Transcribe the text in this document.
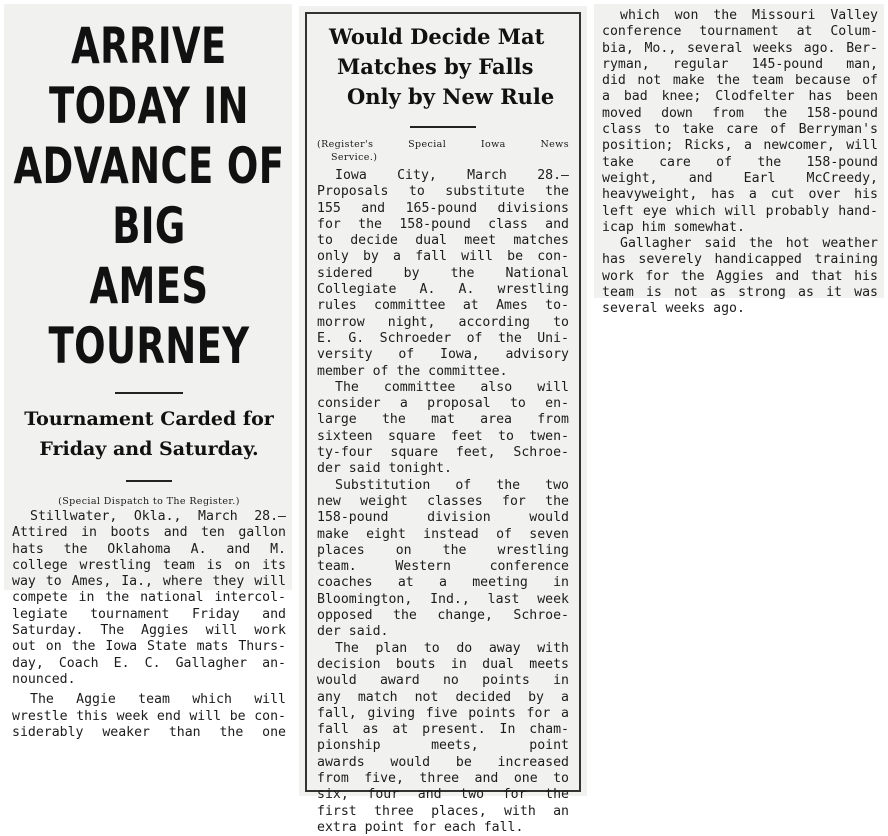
ARRIVE TODAY IN
ADVANCE OF BIG
AMES TOURNEY
Tournament Carded for
Friday and Saturday.
(Special Dispatch to The Register.)
Stillwater, Okla., March 28.—
Attired in boots and ten gallon
hats the Oklahoma A. and M.
college wrestling team is on its
way to Ames, Ia., where they will
compete in the national intercol-
legiate tournament Friday and
Saturday. The Aggies will work
out on the Iowa State mats Thurs-
day, Coach E. C. Gallagher an-
nounced.
The Aggie team which will
wrestle this week end will be con-
siderably weaker than the one
Would Decide Mat
Matches by Falls
Only by New Rule
(Register's Special Iowa News
Service.)
Iowa City, March 28.—
Proposals to substitute the
155 and 165-pound divisions
for the 158-pound class and
to decide dual meet matches
only by a fall will be con-
sidered by the National
Collegiate A. A. wrestling
rules committee at Ames to-
morrow night, according to
E. G. Schroeder of the Uni-
versity of Iowa, advisory
member of the committee.
The committee also will
consider a proposal to en-
large the mat area from
sixteen square feet to twen-
ty-four square feet, Schroe-
der said tonight.
Substitution of the two
new weight classes for the
158-pound division would
make eight instead of seven
places on the wrestling
team. Western conference
coaches at a meeting in
Bloomington, Ind., last week
opposed the change, Schroe-
der said.
The plan to do away with
decision bouts in dual meets
would award no points in
any match not decided by a
fall, giving five points for a
fall as at present. In cham-
pionship meets, point
awards would be increased
from five, three and one to
six, four and two for the
first three places, with an
extra point for each fall.
which won the Missouri Valley
conference tournament at Colum-
bia, Mo., several weeks ago. Ber-
ryman, regular 145-pound man,
did not make the team because of
a bad knee; Clodfelter has been
moved down from the 158-pound
class to take care of Berryman's
position; Ricks, a newcomer, will
take care of the 158-pound
weight, and Earl McCreedy,
heavyweight, has a cut over his
left eye which will probably hand-
icap him somewhat.
Gallagher said the hot weather
has severely handicapped training
work for the Aggies and that his
team is not as strong as it was
several weeks ago.
